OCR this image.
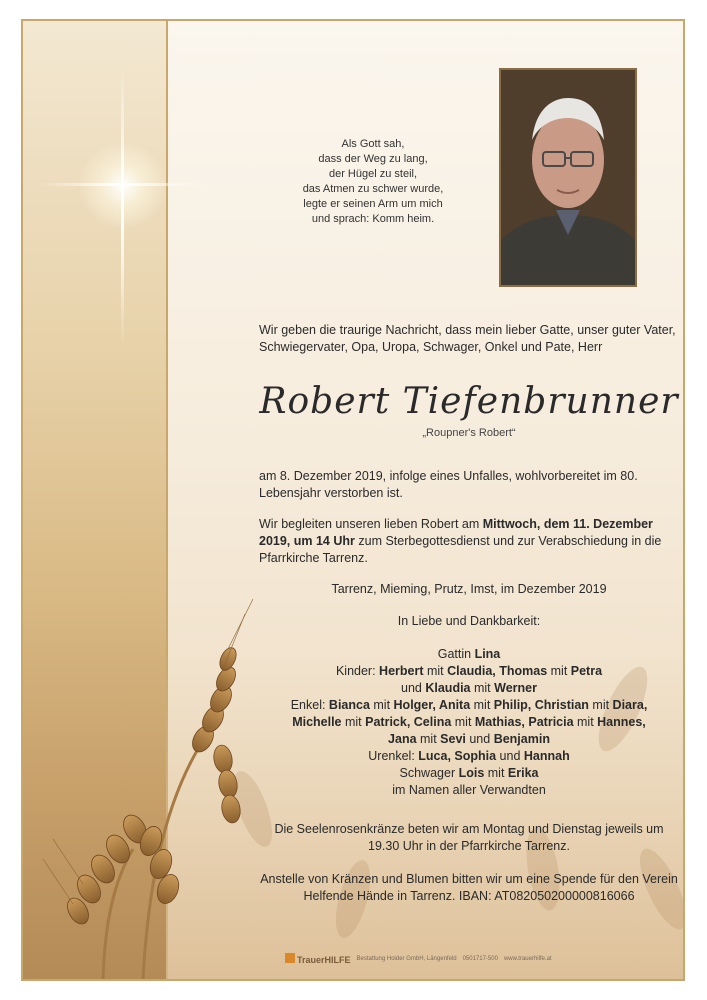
Als Gott sah,
dass der Weg zu lang,
der Hügel zu steil,
das Atmen zu schwer wurde,
legte er seinen Arm um mich
und sprach: Komm heim.
Wir geben die traurige Nachricht, dass mein lieber Gatte, unser guter Vater, Schwiegervater, Opa, Uropa, Schwager, Onkel und Pate, Herr
Robert Tiefenbrunner
„Roupner's Robert“
am 8. Dezember 2019, infolge eines Unfalles, wohlvorbereitet im 80. Lebensjahr verstorben ist.
Wir begleiten unseren lieben Robert am Mittwoch, dem 11. Dezember 2019, um 14 Uhr zum Sterbegottesdienst und zur Verabschiedung in die Pfarrkirche Tarrenz.
Tarrenz, Mieming, Prutz, Imst, im Dezember 2019
In Liebe und Dankbarkeit:
Gattin Lina
Kinder: Herbert mit Claudia, Thomas mit Petra
und Klaudia mit Werner
Enkel: Bianca mit Holger, Anita mit Philip, Christian mit Diara,
Michelle mit Patrick, Celina mit Mathias, Patricia mit Hannes,
Jana mit Sevi und Benjamin
Urenkel: Luca, Sophia und Hannah
Schwager Lois mit Erika
im Namen aller Verwandten
Die Seelenrosenkränze beten wir am Montag und Dienstag jeweils um 19.30 Uhr in der Pfarrkirche Tarrenz.
Anstelle von Kränzen und Blumen bitten wir um eine Spende für den Verein Helfende Hände in Tarrenz. IBAN: AT082050200000816066
TrauerHILFE Bestattung Hoider GmbH, Längenfeld 0501717-500 www.trauerhilfe.at
